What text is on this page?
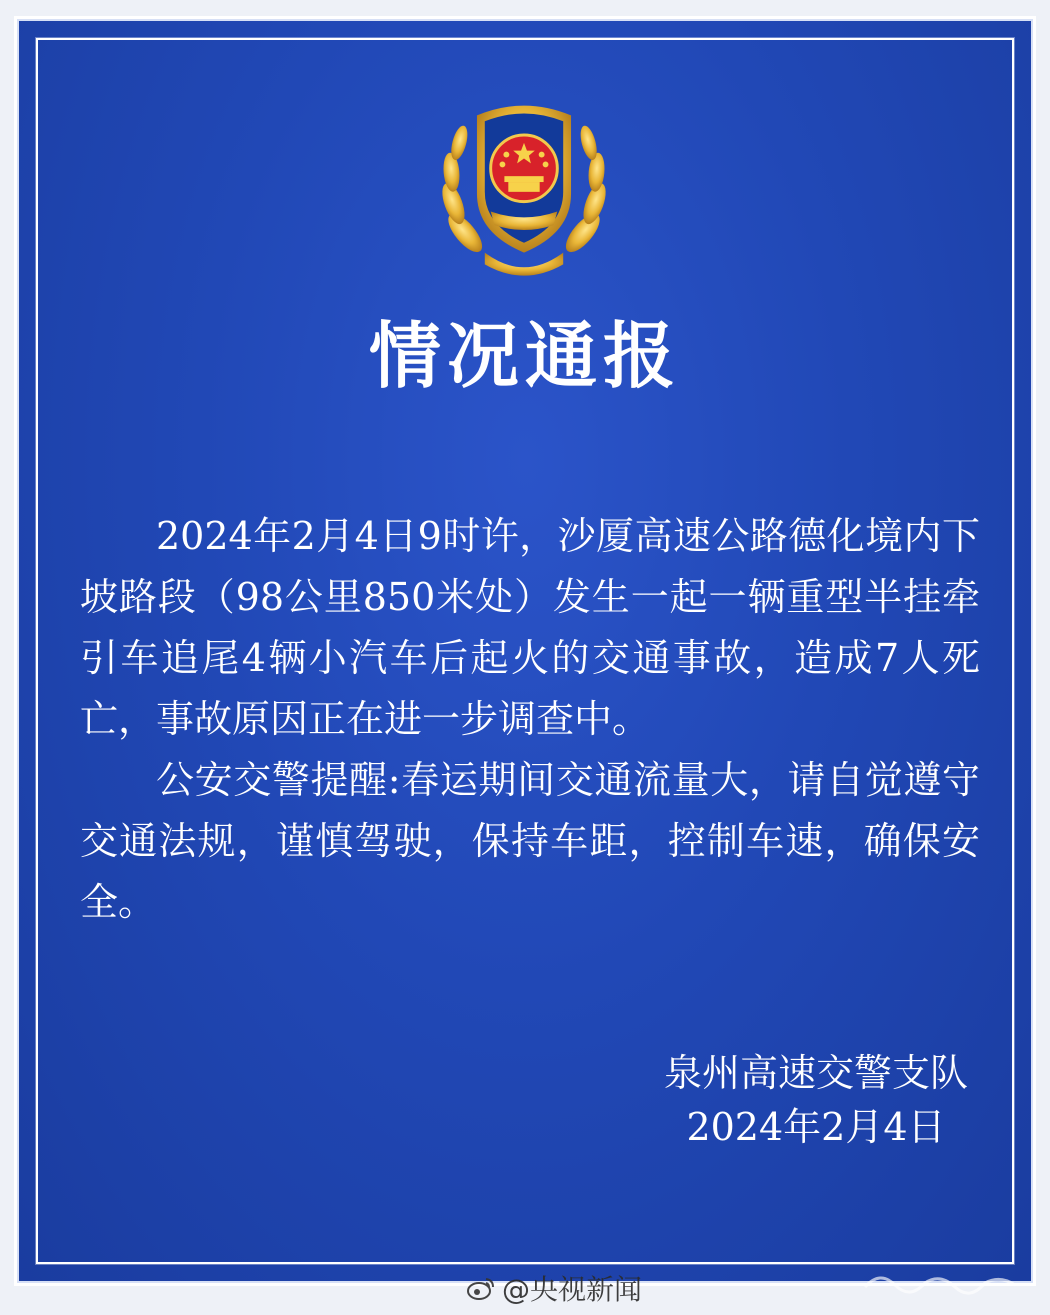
情况通报

2024年2月4日9时许，沙厦高速公路德化境内下坡路段（98公里850米处）发生一起一辆重型半挂牵引车追尾4辆小汽车后起火的交通事故，造成7人死亡，事故原因正在进一步调查中。

公安交警提醒:春运期间交通流量大，请自觉遵守交通法规，谨慎驾驶，保持车距，控制车速，确保安全。

泉州高速交警支队
2024年2月4日
@央视新闻
